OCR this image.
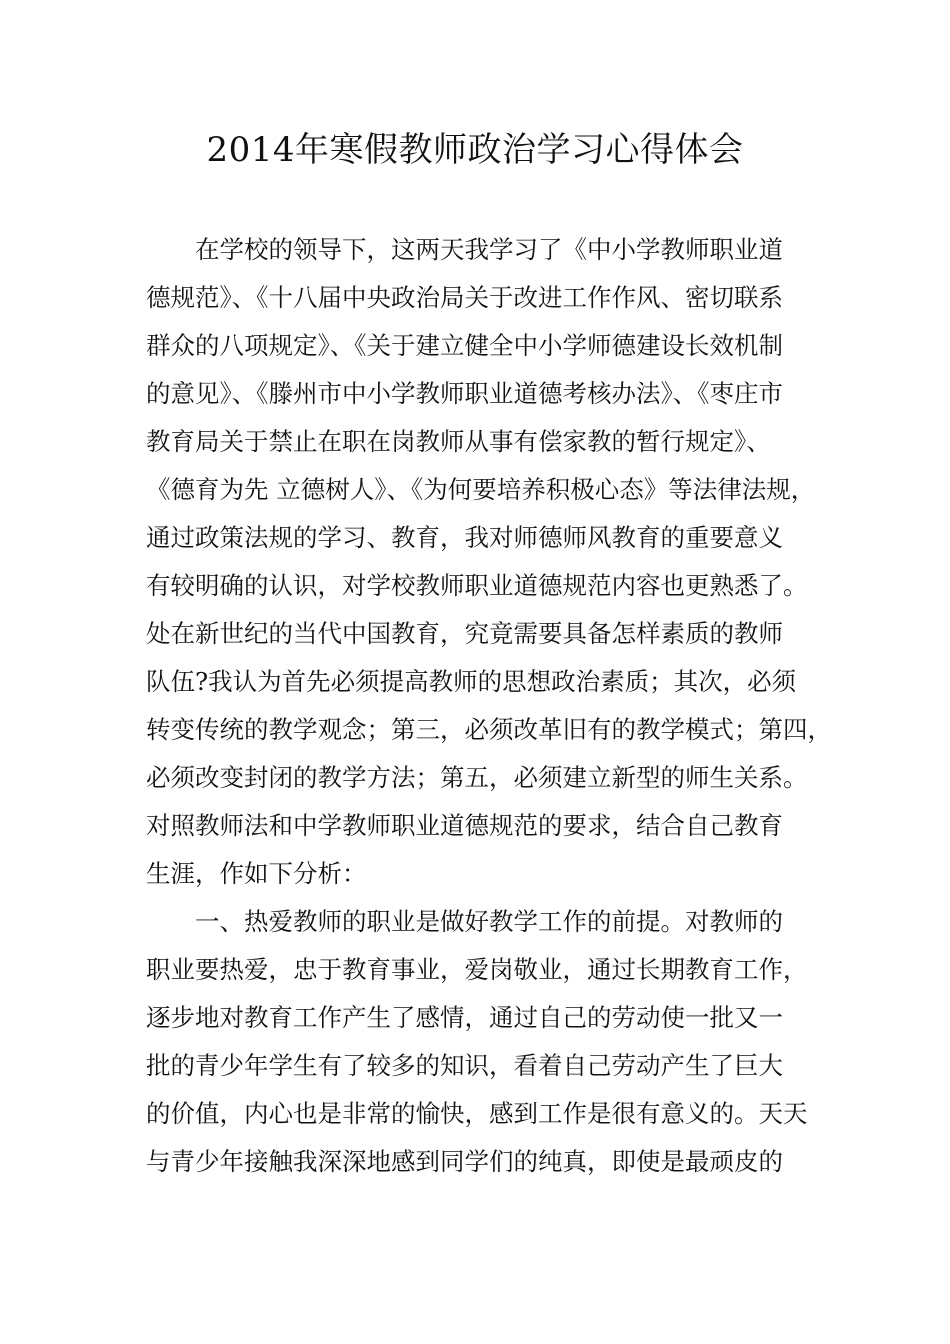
2014年寒假教师政治学习心得体会
在学校的领导下，这两天我学习了《中小学教师职业道
德规范》、《十八届中央政治局关于改进工作作风、密切联系
群众的八项规定》、《关于建立健全中小学师德建设长效机制
的意见》、《滕州市中小学教师职业道德考核办法》、《枣庄市
教育局关于禁止在职在岗教师从事有偿家教的暂行规定》、
《德育为先 立德树人》、《为何要培养积极心态》等法律法规，
通过政策法规的学习、教育，我对师德师风教育的重要意义
有较明确的认识，对学校教师职业道德规范内容也更熟悉了。
处在新世纪的当代中国教育，究竟需要具备怎样素质的教师
队伍?我认为首先必须提高教师的思想政治素质；其次，必须
转变传统的教学观念；第三，必须改革旧有的教学模式；第四，
必须改变封闭的教学方法；第五，必须建立新型的师生关系。
对照教师法和中学教师职业道德规范的要求，结合自己教育
生涯，作如下分析：
一、热爱教师的职业是做好教学工作的前提。对教师的
职业要热爱，忠于教育事业，爱岗敬业，通过长期教育工作，
逐步地对教育工作产生了感情，通过自己的劳动使一批又一
批的青少年学生有了较多的知识，看着自己劳动产生了巨大
的价值，内心也是非常的愉快，感到工作是很有意义的。天天
与青少年接触我深深地感到同学们的纯真，即使是最顽皮的
